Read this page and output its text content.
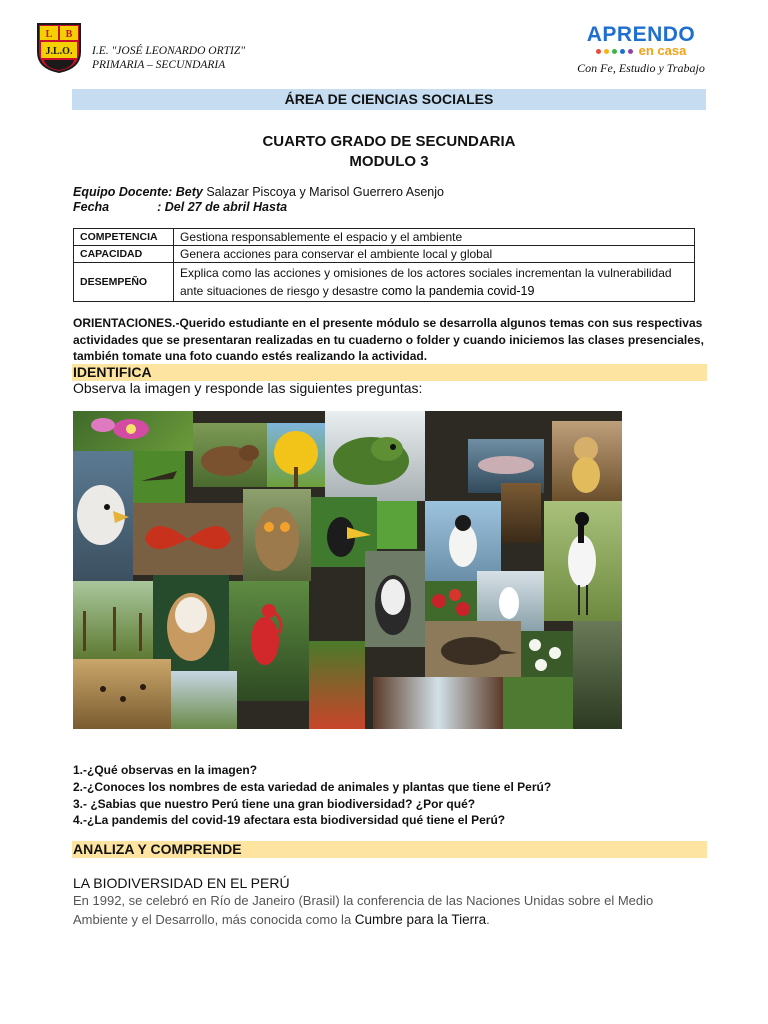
L B
J.L.O. I.E. "JOSÉ LEONARDO ORTIZ"
PRIMARIA – SECUNDARIA
APRENDO
en casa
Con Fe, Estudio y Trabajo
ÁREA DE CIENCIAS SOCIALES
CUARTO GRADO DE SECUNDARIA
MODULO 3
Equipo Docente: Bety Salazar Piscoya y Marisol Guerrero Asenjo
Fecha	: Del 27 de abril Hasta
COMPETENCIA	Gestiona responsablemente el espacio y el ambiente
CAPACIDAD	Genera acciones para conservar el ambiente local y global
DESEMPEÑO	Explica como las acciones y omisiones de los actores sociales incrementan la vulnerabilidad ante situaciones de riesgo y desastre como la pandemia covid-19
ORIENTACIONES.-Querido estudiante en el presente módulo se desarrolla algunos temas con sus respectivas actividades que se presentaran realizadas en tu cuaderno o folder y cuando iniciemos las clases presenciales, también tomate una foto cuando estés realizando la actividad.
IDENTIFICA
Observa la imagen y responde las siguientes preguntas:
1.-¿Qué observas en la imagen?
2.-¿Conoces los nombres de esta variedad de animales y plantas que tiene el Perú?
3.- ¿Sabias que nuestro Perú tiene una gran biodiversidad? ¿Por qué?
4.-¿La pandemis del covid-19 afectara esta biodiversidad qué tiene el Perú?
ANALIZA Y COMPRENDE
LA BIODIVERSIDAD EN EL PERÚ
En 1992, se celebró en Río de Janeiro (Brasil) la conferencia de las Naciones Unidas sobre el Medio Ambiente y el Desarrollo, más conocida como la Cumbre para la Tierra.
